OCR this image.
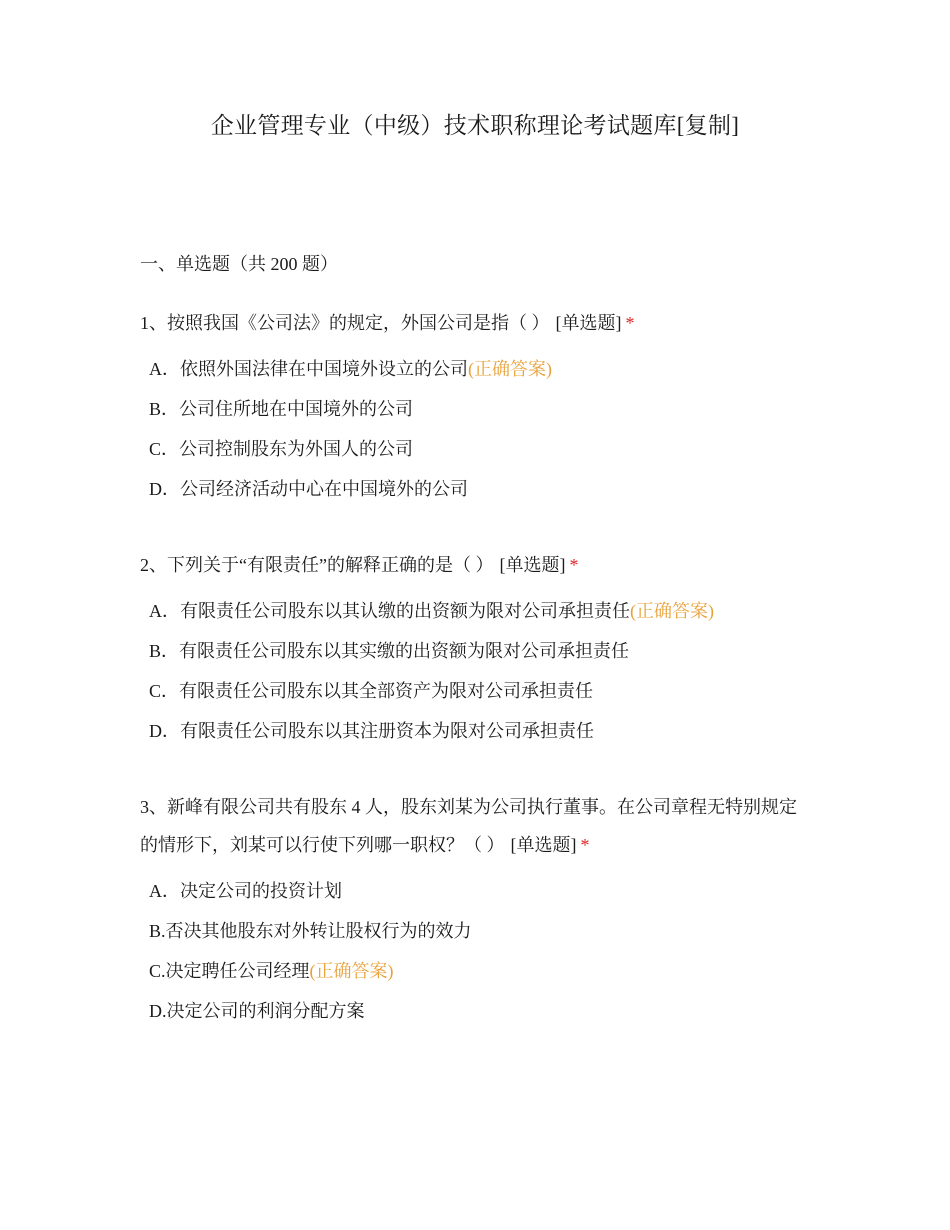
企业管理专业（中级）技术职称理论考试题库[复制]
一、单选题（共 200 题）
1、按照我国《公司法》的规定，外国公司是指（ ） [单选题] *
A．依照外国法律在中国境外设立的公司(正确答案)
B．公司住所地在中国境外的公司
C．公司控制股东为外国人的公司
D．公司经济活动中心在中国境外的公司
2、下列关于“有限责任”的解释正确的是（ ） [单选题] *
A．有限责任公司股东以其认缴的出资额为限对公司承担责任(正确答案)
B．有限责任公司股东以其实缴的出资额为限对公司承担责任
C．有限责任公司股东以其全部资产为限对公司承担责任
D．有限责任公司股东以其注册资本为限对公司承担责任
3、新峰有限公司共有股东 4 人，股东刘某为公司执行董事。在公司章程无特别规定的情形下，刘某可以行使下列哪一职权？（ ） [单选题] *
A．决定公司的投资计划
B.否决其他股东对外转让股权行为的效力
C.决定聘任公司经理(正确答案)
D.决定公司的利润分配方案
